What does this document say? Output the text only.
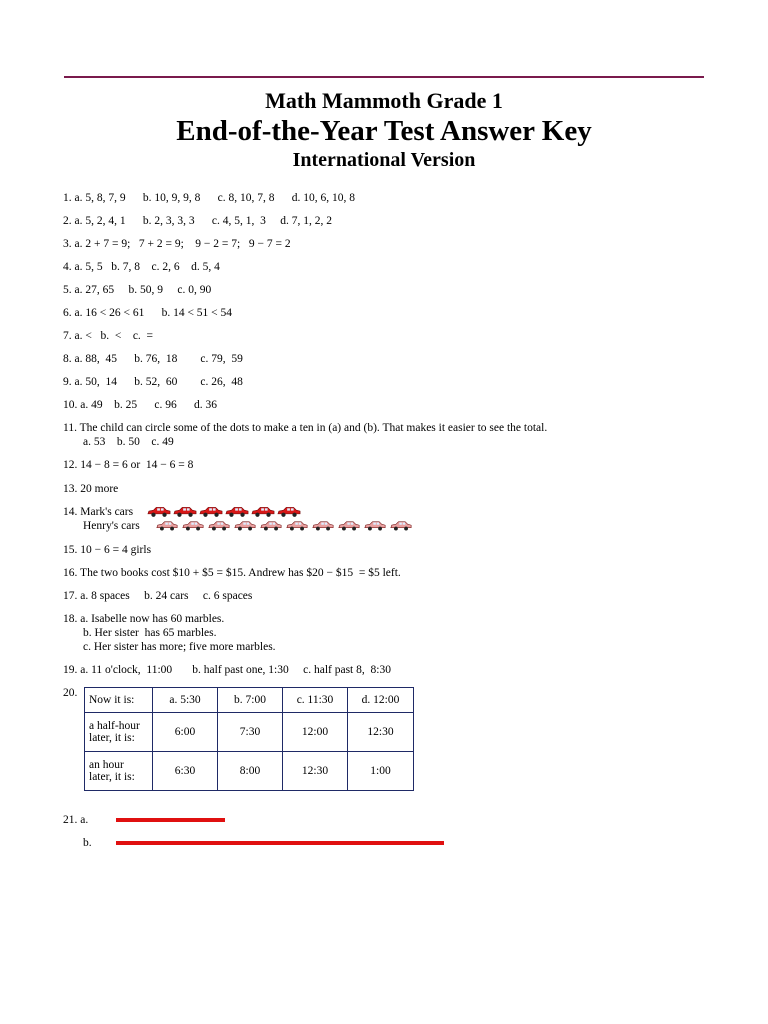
Math Mammoth Grade 1
End-of-the-Year Test Answer Key
International Version
1. a. 5, 8, 7, 9      b. 10, 9, 9, 8      c. 8, 10, 7, 8      d. 10, 6, 10, 8
2. a. 5, 2, 4, 1      b. 2, 3, 3, 3      c. 4, 5, 1,  3     d. 7, 1, 2, 2
3. a. 2 + 7 = 9;   7 + 2 = 9;    9 − 2 = 7;   9 − 7 = 2
4. a. 5, 5   b. 7, 8    c. 2, 6    d. 5, 4
5. a. 27, 65     b. 50, 9     c. 0, 90
6. a. 16 < 26 < 61      b. 14 < 51 < 54
7. a. <   b.  <    c.  =
8. a. 88,  45      b. 76,  18        c. 79,  59
9. a. 50,  14      b. 52,  60        c. 26,  48
10. a. 49    b. 25      c. 96      d. 36
11. The child can circle some of the dots to make a ten in (a) and (b). That makes it easier to see the total.
a. 53    b. 50    c. 49
12. 14 − 8 = 6 or  14 − 6 = 8
13. 20 more
14. Mark's cars
Henry's cars
15. 10 − 6 = 4 girls
16. The two books cost $10 + $5 = $15. Andrew has $20 − $15  = $5 left.
17. a. 8 spaces     b. 24 cars     c. 6 spaces
18. a. Isabelle now has 60 marbles.
b. Her sister  has 65 marbles.
c. Her sister has more; five more marbles.
19. a. 11 o'clock,  11:00       b. half past one, 1:30     c. half past 8,  8:30
20.
Now it is:	a. 5:30	b. 7:00	c. 11:30	d. 12:00
a half-hour
later, it is:	6:00	7:30	12:00	12:30
an hour
later, it is:	6:30	8:00	12:30	1:00
21. a.
b.
